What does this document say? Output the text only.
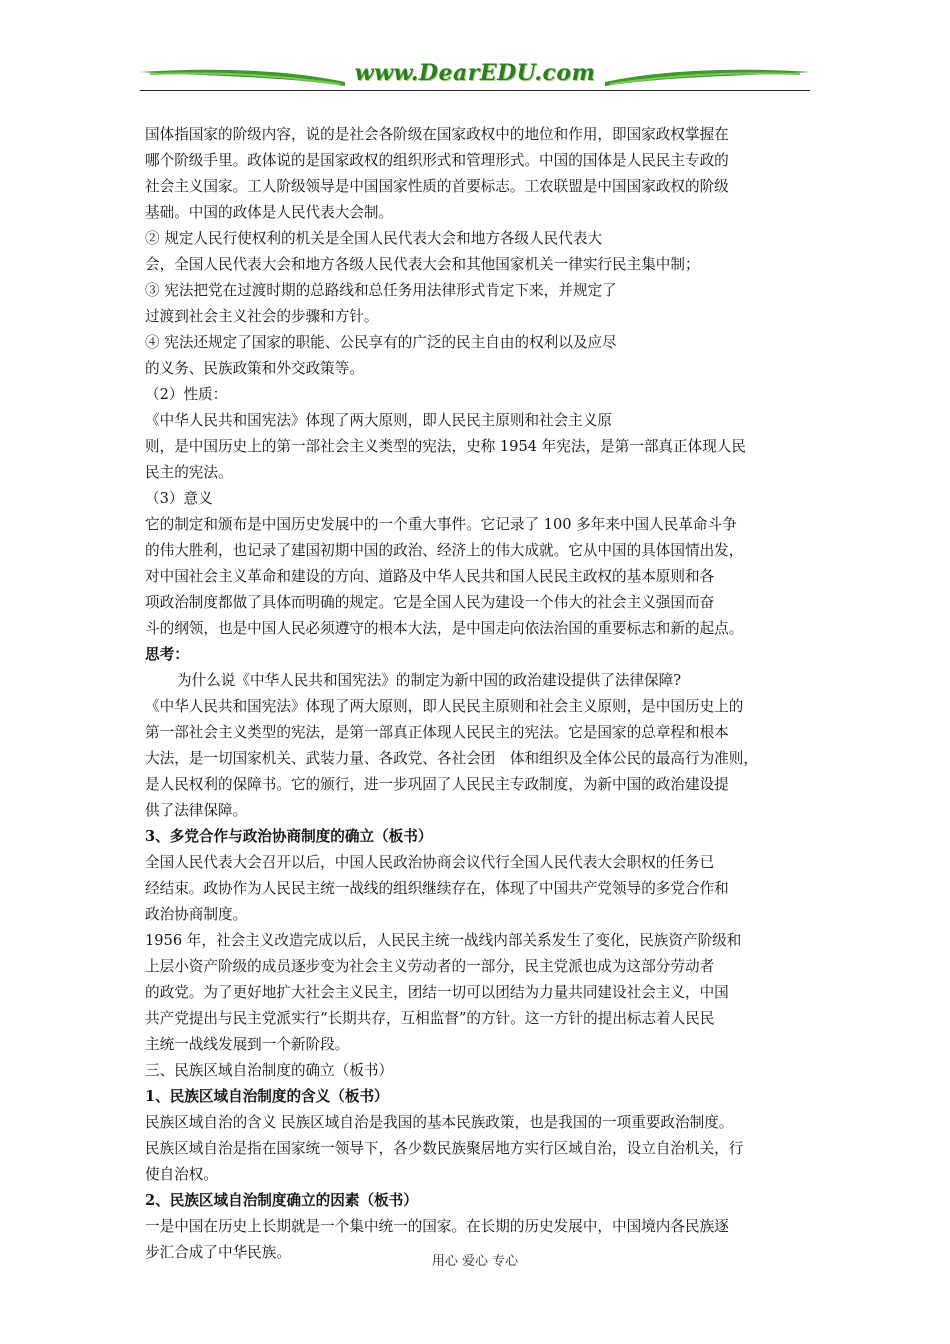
www.DearEDU.com

国体指国家的阶级内容，说的是社会各阶级在国家政权中的地位和作用，即国家政权掌握在

哪个阶级手里。政体说的是国家政权的组织形式和管理形式。中国的国体是人民民主专政的

社会主义国家。工人阶级领导是中国国家性质的首要标志。工农联盟是中国国家政权的阶级

基础。中国的政体是人民代表大会制。

② 规定人民行使权利的机关是全国人民代表大会和地方各级人民代表大

会，全国人民代表大会和地方各级人民代表大会和其他国家机关一律实行民主集中制；

③ 宪法把党在过渡时期的总路线和总任务用法律形式肯定下来，并规定了

过渡到社会主义社会的步骤和方针。

④ 宪法还规定了国家的职能、公民享有的广泛的民主自由的权利以及应尽

的义务、民族政策和外交政策等。

（2）性质：

《中华人民共和国宪法》体现了两大原则，即人民民主原则和社会主义原

则，是中国历史上的第一部社会主义类型的宪法，史称 1954 年宪法，是第一部真正体现人民

民主的宪法。

（3）意义

它的制定和颁布是中国历史发展中的一个重大事件。它记录了 100 多年来中国人民革命斗争

的伟大胜利，也记录了建国初期中国的政治、经济上的伟大成就。它从中国的具体国情出发，

对中国社会主义革命和建设的方向、道路及中华人民共和国人民民主政权的基本原则和各

项政治制度都做了具体而明确的规定。它是全国人民为建设一个伟大的社会主义强国而奋

斗的纲领，也是中国人民必须遵守的根本大法，是中国走向依法治国的重要标志和新的起点。

思考：

为什么说《中华人民共和国宪法》的制定为新中国的政治建设提供了法律保障?

《中华人民共和国宪法》体现了两大原则，即人民民主原则和社会主义原则，是中国历史上的

第一部社会主义类型的宪法，是第一部真正体现人民民主的宪法。它是国家的总章程和根本

大法，是一切国家机关、武装力量、各政党、各社会团　体和组织及全体公民的最高行为准则，

是人民权利的保障书。它的颁行，进一步巩固了人民民主专政制度，为新中国的政治建设提

供了法律保障。

3、多党合作与政治协商制度的确立（板书）

全国人民代表大会召开以后，中国人民政治协商会议代行全国人民代表大会职权的任务已

经结束。政协作为人民民主统一战线的组织继续存在，体现了中国共产党领导的多党合作和

政治协商制度。

1956 年，社会主义改造完成以后，人民民主统一战线内部关系发生了变化，民族资产阶级和

上层小资产阶级的成员逐步变为社会主义劳动者的一部分，民主党派也成为这部分劳动者

的政党。为了更好地扩大社会主义民主，团结一切可以团结为力量共同建设社会主义，中国

共产党提出与民主党派实行“长期共存，互相监督”的方针。这一方针的提出标志着人民民

主统一战线发展到一个新阶段。

三、民族区域自治制度的确立（板书）

1、民族区域自治制度的含义（板书）

民族区域自治的含义 民族区域自治是我国的基本民族政策，也是我国的一项重要政治制度。

民族区域自治是指在国家统一领导下，各少数民族聚居地方实行区域自治，设立自治机关，行

使自治权。

2、民族区域自治制度确立的因素（板书）

一是中国在历史上长期就是一个集中统一的国家。在长期的历史发展中，中国境内各民族逐

步汇合成了中华民族。

用心 爱心 专心
